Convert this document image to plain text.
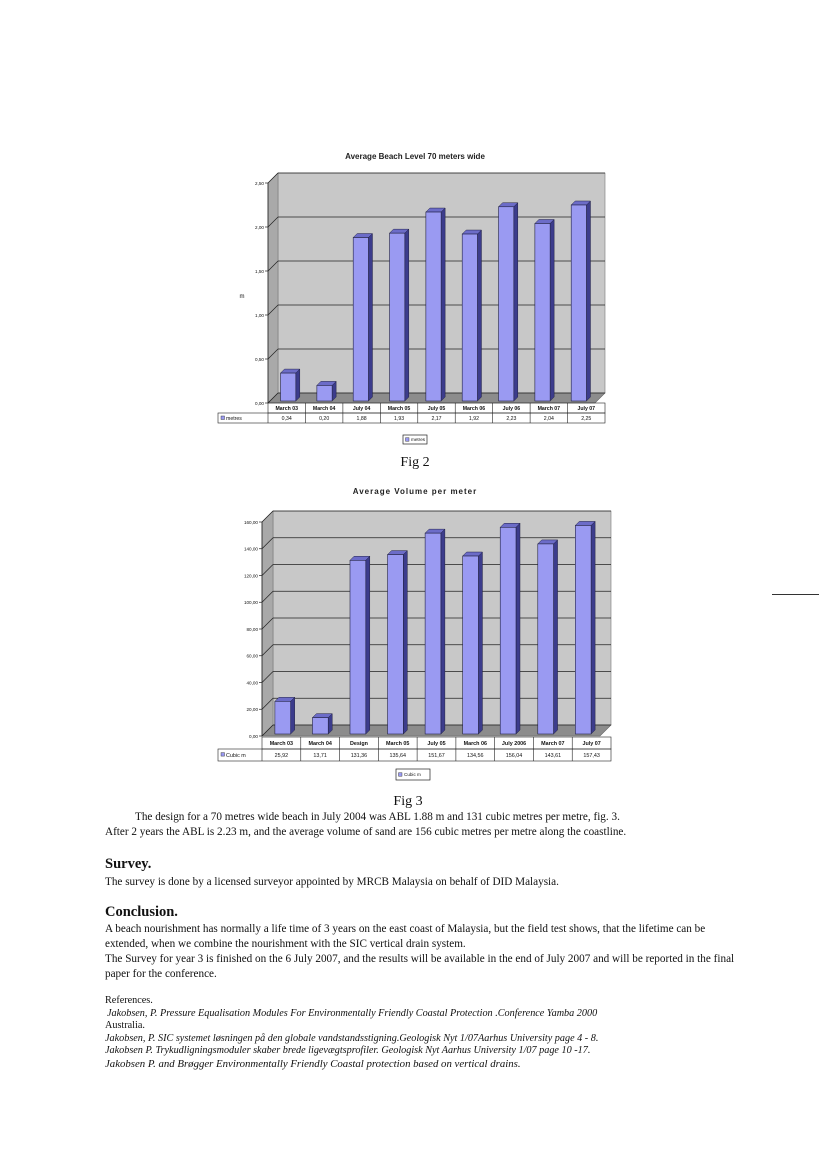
Average Beach Level 70 meters wide
0,00
0,50
1,00
1,50
2,00
2,50
m
March 03
0,34
March 04
0,20
July 04
1,88
March 05
1,93
July 05
2,17
March 06
1,92
July 06
2,23
March 07
2,04
July 07
2,25
metres
metres
Fig 2
Average Volume per meter
0,00
20,00
40,00
60,00
80,00
100,00
120,00
140,00
160,00
March 03
25,92
March 04
13,71
Design
131,36
March 05
135,64
July 05
151,67
March 06
134,56
July 2006
156,04
March 07
143,61
July 07
157,43
Cubic m
Cubic m
Fig 3

The design for a 70 metres wide beach in July 2004 was ABL 1.88 m and 131 cubic metres per metre, fig. 3.

After 2 years the ABL is 2.23 m, and the average volume of sand are 156 cubic metres per metre along the coastline.

Survey.
The survey is done by a licensed surveyor appointed by MRCB Malaysia on behalf of DID Malaysia.
Conclusion.

A beach nourishment has normally a life time of 3 years on the east coast of Malaysia, but the field test shows, that the lifetime can be extended, when we combine the nourishment with the SIC vertical drain system.

The Survey for year 3 is finished on the 6 July 2007, and the results will be available in the end of July 2007 and will be reported in the final paper for the conference.

References.

Jakobsen, P. Pressure Equalisation Modules For Environmentally Friendly Coastal Protection .Conference Yamba 2000

Australia.

Jakobsen, P. SIC systemet løsningen på den globale vandstandsstigning.Geologisk Nyt 1/07Aarhus University page 4 - 8.

Jakobsen P. Trykudligningsmoduler skaber brede ligevægtsprofiler. Geologisk Nyt Aarhus University 1/07 page 10 -17.

Jakobsen P. and Brøgger Environmentally Friendly Coastal protection based on vertical drains.
